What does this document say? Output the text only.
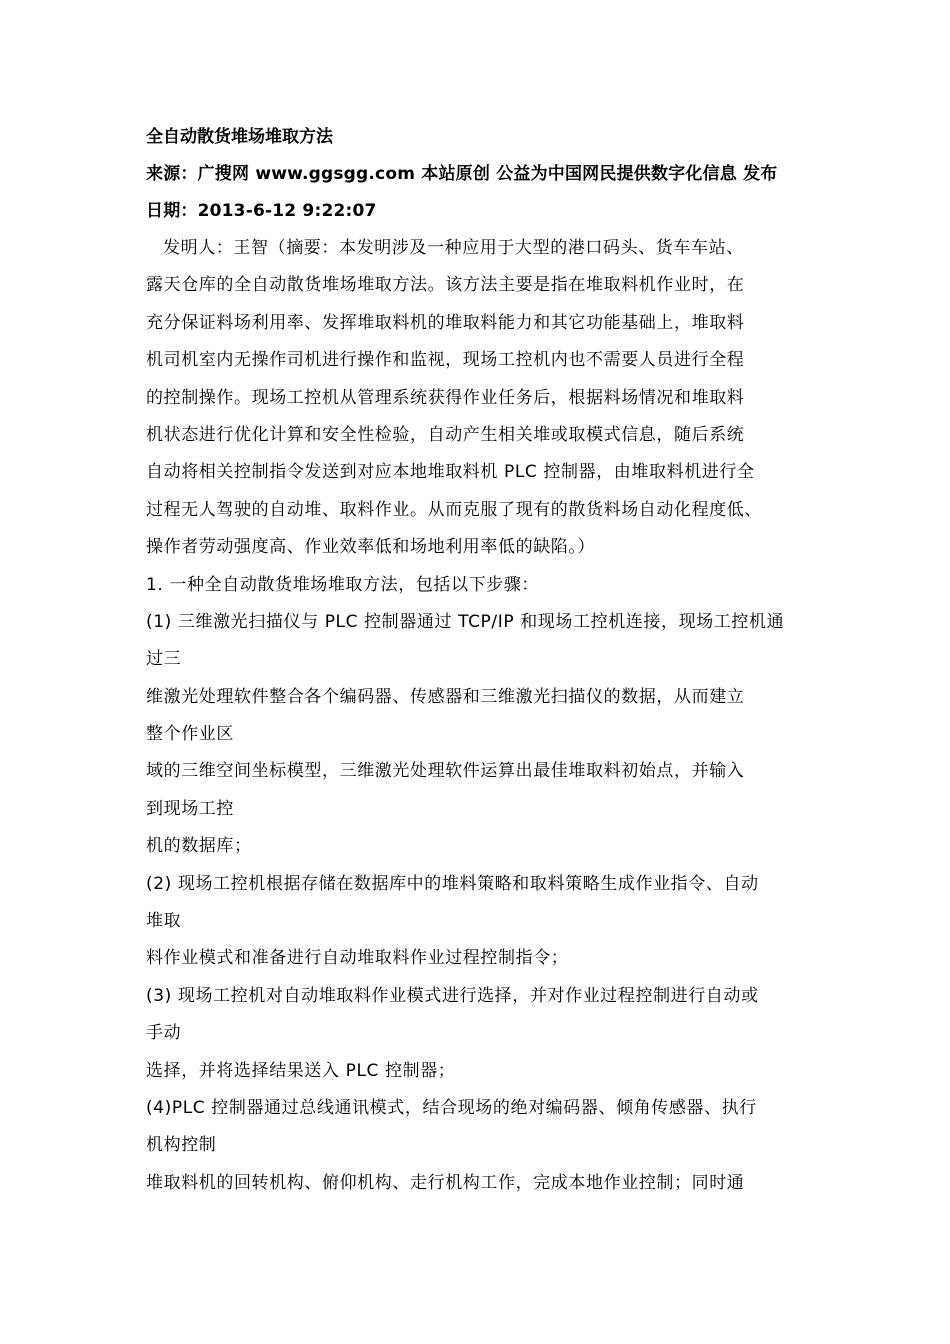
全自动散货堆场堆取方法
来源：广搜网 www.ggsgg.com 本站原创 公益为中国网民提供数字化信息 发布
日期：2013-6-12 9:22:07
发明人：王智（摘要：本发明涉及一种应用于大型的港口码头、货车车站、
露天仓库的全自动散货堆场堆取方法。该方法主要是指在堆取料机作业时，在
充分保证料场利用率、发挥堆取料机的堆取料能力和其它功能基础上，堆取料
机司机室内无操作司机进行操作和监视，现场工控机内也不需要人员进行全程
的控制操作。现场工控机从管理系统获得作业任务后，根据料场情况和堆取料
机状态进行优化计算和安全性检验，自动产生相关堆或取模式信息，随后系统
自动将相关控制指令发送到对应本地堆取料机 PLC 控制器，由堆取料机进行全
过程无人驾驶的自动堆、取料作业。从而克服了现有的散货料场自动化程度低、
操作者劳动强度高、作业效率低和场地利用率低的缺陷。）
1. 一种全自动散货堆场堆取方法，包括以下步骤：
(1) 三维激光扫描仪与 PLC 控制器通过 TCP/IP 和现场工控机连接，现场工控机通
过三
维激光处理软件整合各个编码器、传感器和三维激光扫描仪的数据，从而建立
整个作业区
域的三维空间坐标模型，三维激光处理软件运算出最佳堆取料初始点，并输入
到现场工控
机的数据库；
(2) 现场工控机根据存储在数据库中的堆料策略和取料策略生成作业指令、自动
堆取
料作业模式和准备进行自动堆取料作业过程控制指令；
(3) 现场工控机对自动堆取料作业模式进行选择，并对作业过程控制进行自动或
手动
选择，并将选择结果送入 PLC 控制器；
(4)PLC 控制器通过总线通讯模式，结合现场的绝对编码器、倾角传感器、执行
机构控制
堆取料机的回转机构、俯仰机构、走行机构工作，完成本地作业控制；同时通
